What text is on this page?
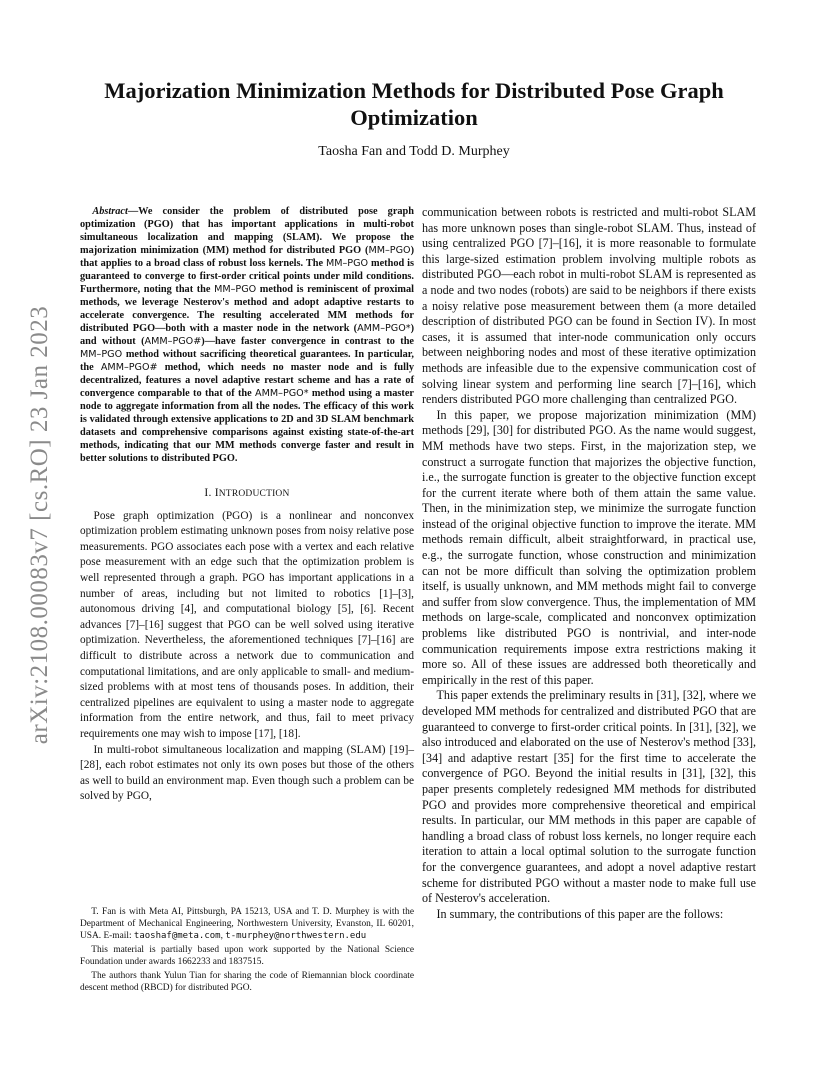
arXiv:2108.00083v7 [cs.RO] 23 Jan 2023
Majorization Minimization Methods for Distributed Pose Graph Optimization
Taosha Fan and Todd D. Murphey

Abstract—We consider the problem of distributed pose graph optimization (PGO) that has important applications in multi-robot simultaneous localization and mapping (SLAM). We propose the majorization minimization (MM) method for distributed PGO (MM–PGO) that applies to a broad class of robust loss kernels. The MM–PGO method is guaranteed to converge to first-order critical points under mild conditions. Furthermore, noting that the MM–PGO method is reminiscent of proximal methods, we leverage Nesterov's method and adopt adaptive restarts to accelerate convergence. The resulting accelerated MM methods for distributed PGO—both with a master node in the network (AMM–PGO*) and without (AMM–PGO#)—have faster convergence in contrast to the MM–PGO method without sacrificing theoretical guarantees. In particular, the AMM–PGO# method, which needs no master node and is fully decentralized, features a novel adaptive restart scheme and has a rate of convergence comparable to that of the AMM–PGO* method using a master node to aggregate information from all the nodes. The efficacy of this work is validated through extensive applications to 2D and 3D SLAM benchmark datasets and comprehensive comparisons against existing state-of-the-art methods, indicating that our MM methods converge faster and result in better solutions to distributed PGO.

I. INTRODUCTION

Pose graph optimization (PGO) is a nonlinear and nonconvex optimization problem estimating unknown poses from noisy relative pose measurements. PGO associates each pose with a vertex and each relative pose measurement with an edge such that the optimization problem is well represented through a graph. PGO has important applications in a number of areas, including but not limited to robotics [1]–[3], autonomous driving [4], and computational biology [5], [6]. Recent advances [7]–[16] suggest that PGO can be well solved using iterative optimization. Nevertheless, the aforementioned techniques [7]–[16] are difficult to distribute across a network due to communication and computational limitations, and are only applicable to small- and medium-sized problems with at most tens of thousands poses. In addition, their centralized pipelines are equivalent to using a master node to aggregate information from the entire network, and thus, fail to meet privacy requirements one may wish to impose [17], [18].

In multi-robot simultaneous localization and mapping (SLAM) [19]–[28], each robot estimates not only its own poses but those of the others as well to build an environment map. Even though such a problem can be solved by PGO,

T. Fan is with Meta AI, Pittsburgh, PA 15213, USA and T. D. Murphey is with the Department of Mechanical Engineering, Northwestern University, Evanston, IL 60201, USA. E-mail: taoshaf@meta.com, t-murphey@northwestern.edu

This material is partially based upon work supported by the National Science Foundation under awards 1662233 and 1837515.

The authors thank Yulun Tian for sharing the code of Riemannian block coordinate descent method (RBCD) for distributed PGO.

communication between robots is restricted and multi-robot SLAM has more unknown poses than single-robot SLAM. Thus, instead of using centralized PGO [7]–[16], it is more reasonable to formulate this large-sized estimation problem involving multiple robots as distributed PGO—each robot in multi-robot SLAM is represented as a node and two nodes (robots) are said to be neighbors if there exists a noisy relative pose measurement between them (a more detailed description of distributed PGO can be found in Section IV). In most cases, it is assumed that inter-node communication only occurs between neighboring nodes and most of these iterative optimization methods are infeasible due to the expensive communication cost of solving linear system and performing line search [7]–[16], which renders distributed PGO more challenging than centralized PGO.

In this paper, we propose majorization minimization (MM) methods [29], [30] for distributed PGO. As the name would suggest, MM methods have two steps. First, in the majorization step, we construct a surrogate function that majorizes the objective function, i.e., the surrogate function is greater to the objective function except for the current iterate where both of them attain the same value. Then, in the minimization step, we minimize the surrogate function instead of the original objective function to improve the iterate. MM methods remain difficult, albeit straightforward, in practical use, e.g., the surrogate function, whose construction and minimization can not be more difficult than solving the optimization problem itself, is usually unknown, and MM methods might fail to converge and suffer from slow convergence. Thus, the implementation of MM methods on large-scale, complicated and nonconvex optimization problems like distributed PGO is nontrivial, and inter-node communication requirements impose extra restrictions making it more so. All of these issues are addressed both theoretically and empirically in the rest of this paper.

This paper extends the preliminary results in [31], [32], where we developed MM methods for centralized and distributed PGO that are guaranteed to converge to first-order critical points. In [31], [32], we also introduced and elaborated on the use of Nesterov's method [33], [34] and adaptive restart [35] for the first time to accelerate the convergence of PGO. Beyond the initial results in [31], [32], this paper presents completely redesigned MM methods for distributed PGO and provides more comprehensive theoretical and empirical results. In particular, our MM methods in this paper are capable of handling a broad class of robust loss kernels, no longer require each iteration to attain a local optimal solution to the surrogate function for the convergence guarantees, and adopt a novel adaptive restart scheme for distributed PGO without a master node to make full use of Nesterov's acceleration.

In summary, the contributions of this paper are the follows:
